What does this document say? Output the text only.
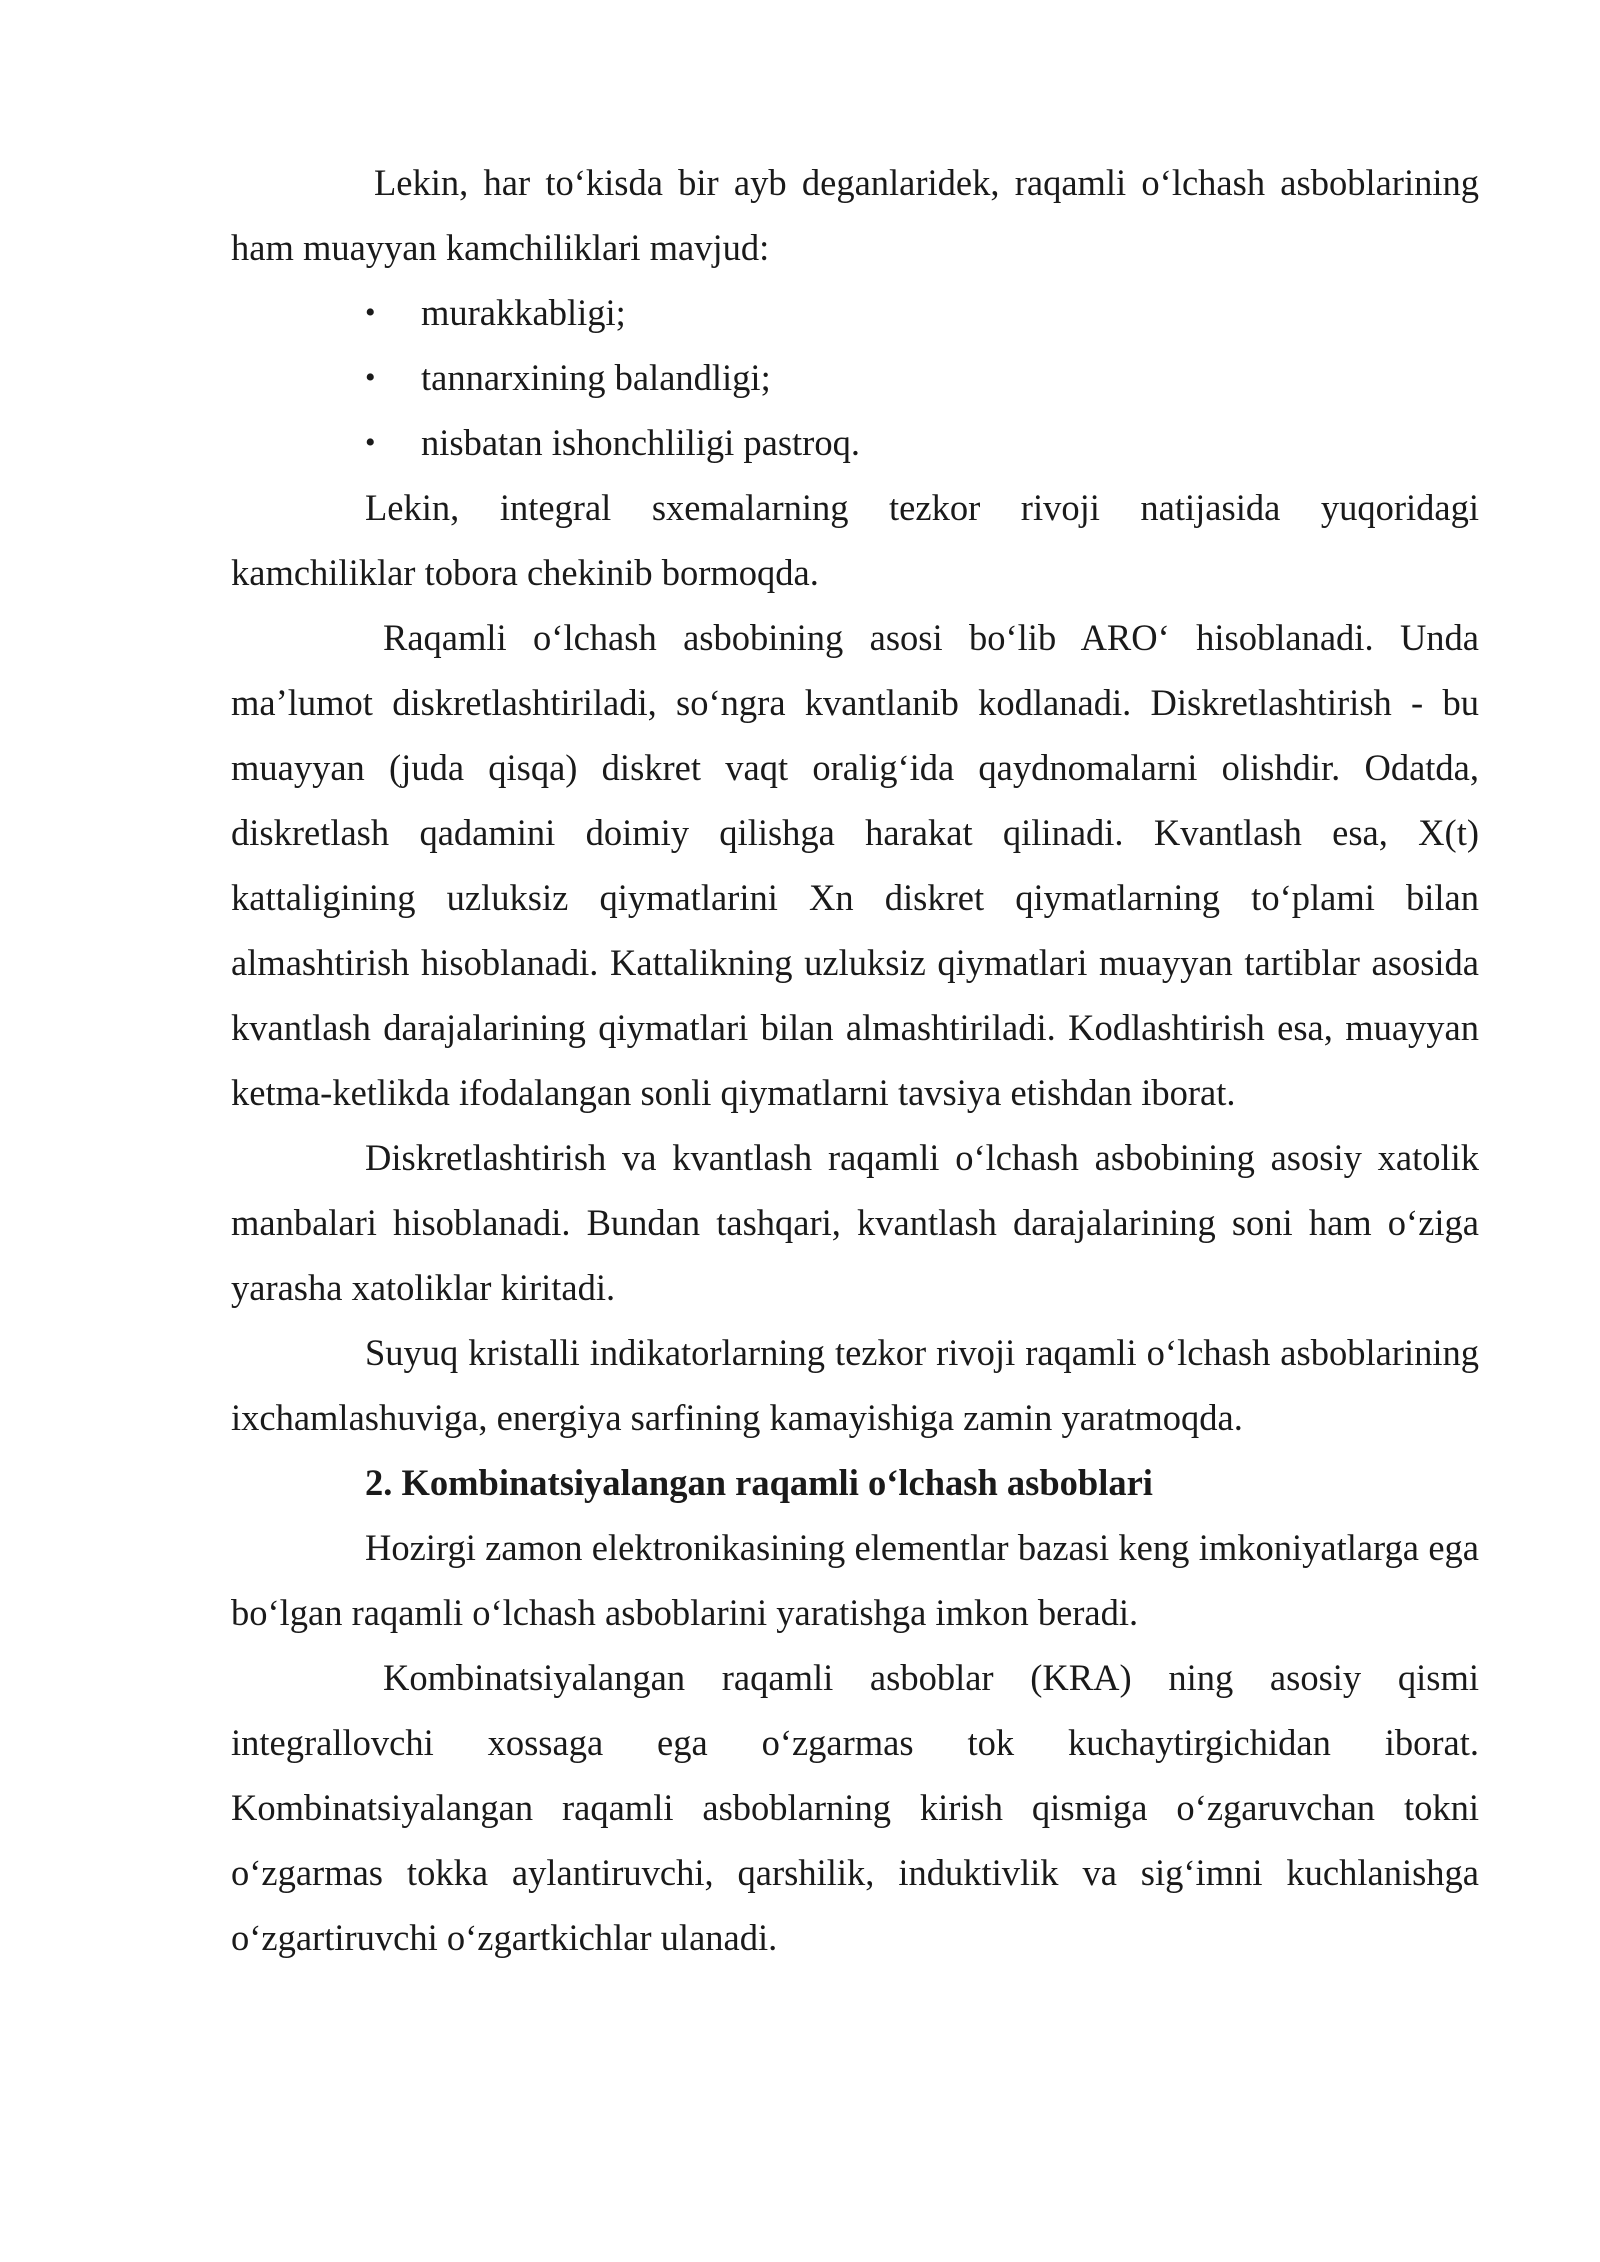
Lekin, har to‘kisda bir ayb deganlaridek, raqamli o‘lchash asboblarining ham muayyan kamchiliklari mavjud:

•	murakkabligi;
•	tannarxining balandligi;
•	nisbatan ishonchliligi pastroq.

Lekin, integral sxemalarning tezkor rivoji natijasida yuqoridagi kamchiliklar tobora chekinib bormoqda.

Raqamli o‘lchash asbobining asosi bo‘lib ARO‘ hisoblanadi. Unda ma’lumot diskretlashtiriladi, so‘ngra kvantlanib kodlanadi. Diskretlashtirish - bu muayyan (juda qisqa) diskret vaqt oralig‘ida qaydnomalarni olishdir. Odatda, diskretlash qadamini doimiy qilishga harakat qilinadi. Kvantlash esa, X(t) kattaligining uzluksiz qiymatlarini Xn diskret qiymatlarning to‘plami bilan almashtirish hisoblanadi. Kattalikning uzluksiz qiymatlari muayyan tartiblar asosida kvantlash darajalarining qiymatlari bilan almashtiriladi. Kodlashtirish esa, muayyan ketma-ketlikda ifodalangan sonli qiymatlarni tavsiya etishdan iborat.

Diskretlashtirish va kvantlash raqamli o‘lchash asbobining asosiy xatolik manbalari hisoblanadi. Bundan tashqari, kvantlash darajalarining soni ham o‘ziga yarasha xatoliklar kiritadi.

Suyuq kristalli indikatorlarning tezkor rivoji raqamli o‘lchash asboblarining ixchamlashuviga, energiya sarfining kamayishiga zamin yaratmoqda.

2. Kombinatsiyalangan raqamli o‘lchash asboblari

Hozirgi zamon elektronikasining elementlar bazasi keng imkoniyatlarga ega bo‘lgan raqamli o‘lchash asboblarini yaratishga imkon beradi.

Kombinatsiyalangan raqamli asboblar (KRA) ning asosiy qismi integrallovchi xossaga ega o‘zgarmas tok kuchaytirgichidan iborat. Kombinatsiyalangan raqamli asboblarning kirish qismiga o‘zgaruvchan tokni o‘zgarmas tokka aylantiruvchi, qarshilik, induktivlik va sig‘imni kuchlanishga o‘zgartiruvchi o‘zgartkichlar ulanadi.
